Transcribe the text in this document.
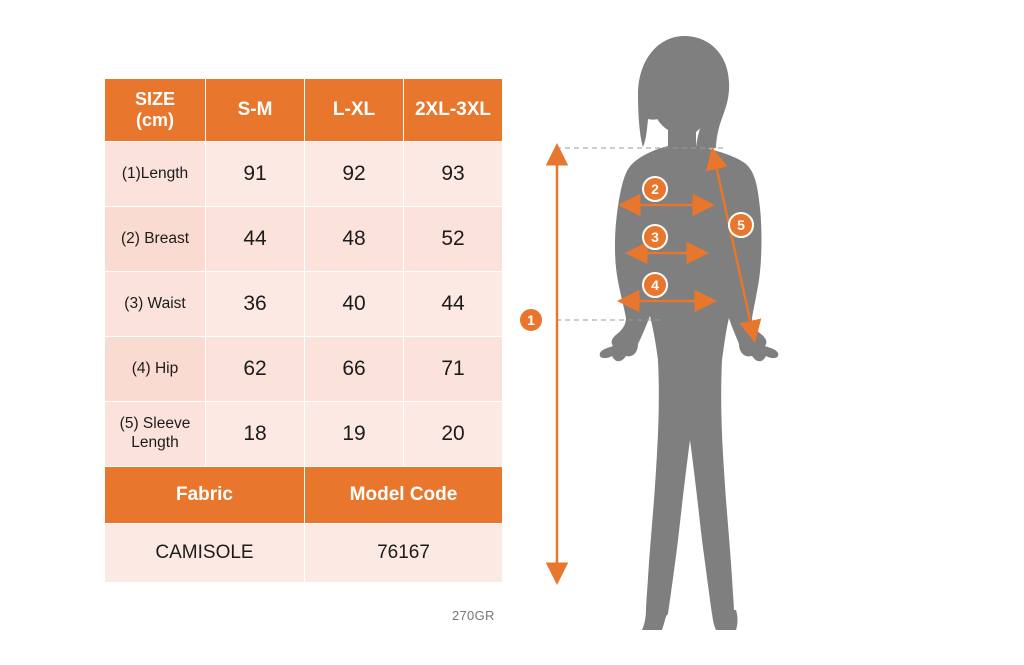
SIZE
(cm)	S-M	L-XL	2XL-3XL
(1)Length	91	92	93
(2) Breast	44	48	52
(3) Waist	36	40	44
(4) Hip	62	66	71
(5) Sleeve Length	18	19	20
Fabric		Model Code	
CAMISOLE		76167	
270GR
1
2
3
4
5
